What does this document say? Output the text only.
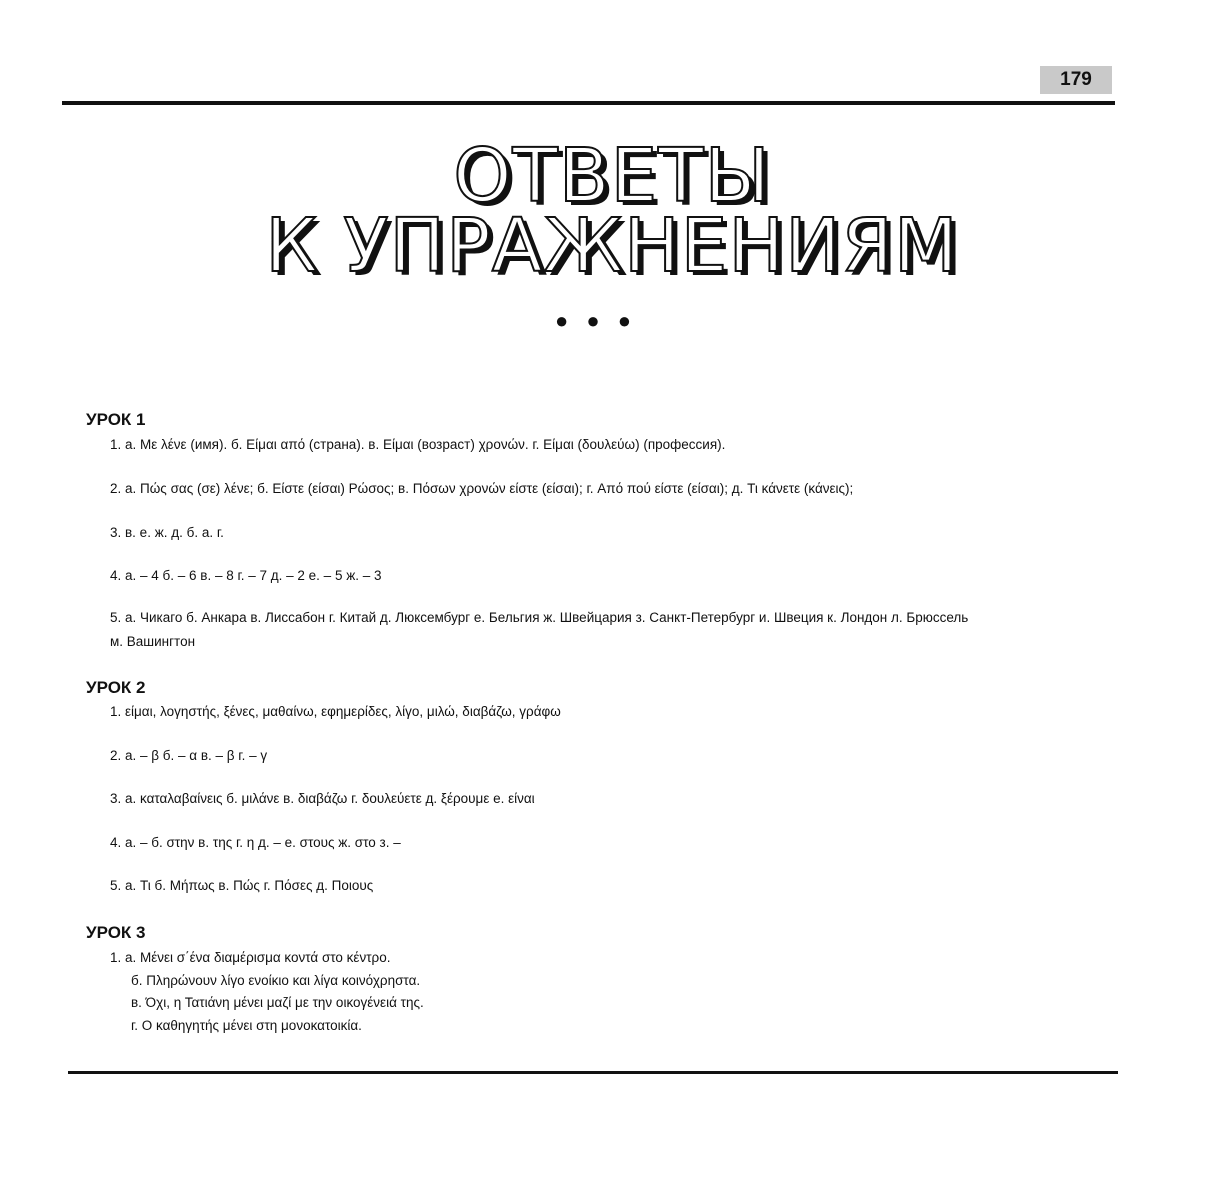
179
ОТВЕТЫ
К УПРАЖНЕНИЯМ
● ● ●
УРОК 1
1. а. Με λένε (имя). б. Είμαι από (страна). в. Είμαι (возраст) χρονών. г. Είμαι (δουλεύω) (профессия).
2. а. Πώς σας (σε) λένε; б. Είστε (είσαι) Ρώσος; в. Πόσων χρονών είστε (είσαι); г. Από πού είστε (είσαι); д. Τι κάνετε (κάνεις);
3. в. е. ж. д. б. а. г.
4. а. – 4 б. – 6 в. – 8 г. – 7 д. – 2 е. – 5 ж. – 3
5. а. Чикаго б. Анкара в. Лиссабон г. Китай д. Люксембург е. Бельгия ж. Швейцария з. Санкт-Петербург и. Швеция к. Лондон л. Брюссель
м. Вашингтон
УРОК 2
1. είμαι, λογηστής, ξένες, μαθαίνω, εφημερίδες, λίγο, μιλώ, διαβάζω, γράφω
2. а. – β б. – α в. – β г. – γ
3. а. καταλαβαίνεις б. μιλάνε в. διαβάζω г. δουλεύετε д. ξέρουμε е. είναι
4. а. – б. στην в. της г. η д. – е. στους ж. στο з. –
5. а. Τι б. Μήπως в. Πώς г. Πόσες д. Ποιους
УРОК 3
1. а. Μένει σ΄ένα διαμέρισμα κοντά στο κέντρο.
б. Πληρώνουν λίγο ενοίκιο και λίγα κοινόχρηστα.
в. Όχι, η Τατιάνη μένει μαζί με την οικογένειά της.
г. Ο καθηγητής μένει στη μονοκατοικία.
